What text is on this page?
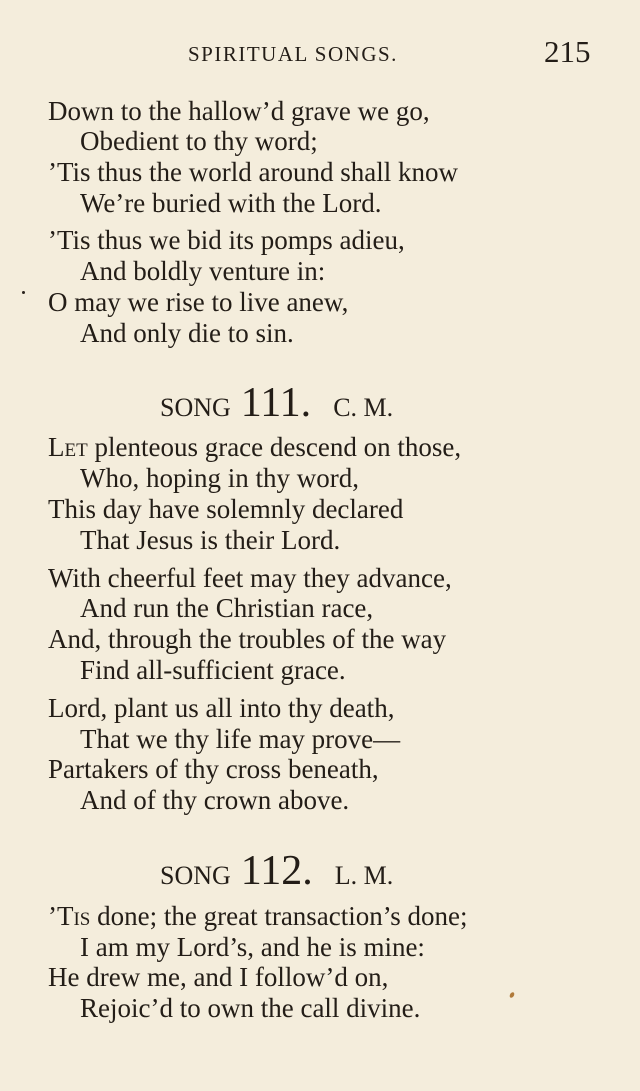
SPIRITUAL SONGS.	215
Down to the hallow’d grave we go,
Obedient to thy word;
’Tis thus the world around shall know
We’re buried with the Lord.
’Tis thus we bid its pomps adieu,
And boldly venture in:
O may we rise to live anew,
And only die to sin.
SONG 111. C. M.
Let plenteous grace descend on those,
Who, hoping in thy word,
This day have solemnly declared
That Jesus is their Lord.
With cheerful feet may they advance,
And run the Christian race,
And, through the troubles of the way
Find all-sufficient grace.
Lord, plant us all into thy death,
That we thy life may prove—
Partakers of thy cross beneath,
And of thy crown above.
SONG 112. L. M.
’Tis done; the great transaction’s done;
I am my Lord’s, and he is mine:
He drew me, and I follow’d on,
Rejoic’d to own the call divine.
